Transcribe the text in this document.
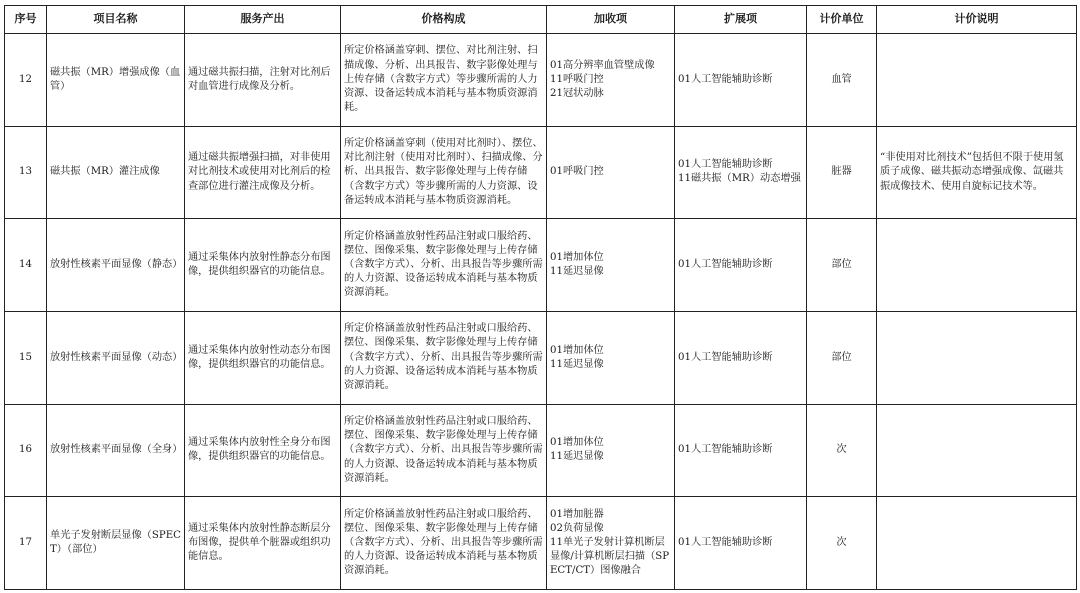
序号	项目名称	服务产出	价格构成	加收项	扩展项	计价单位	计价说明
12	磁共振（MR）增强成像（血管）	通过磁共振扫描，注射对比剂后对血管进行成像及分析。	所定价格涵盖穿刺、摆位、对比剂注射、扫描成像、分析、出具报告、数字影像处理与上传存储（含数字方式）等步骤所需的人力资源、设备运转成本消耗与基本物质资源消耗。	01高分辨率血管壁成像
11呼吸门控
21冠状动脉	01人工智能辅助诊断	血管	
13	磁共振（MR）灌注成像	通过磁共振增强扫描，对非使用对比剂技术或使用对比剂后的检查部位进行灌注成像及分析。	所定价格涵盖穿刺（使用对比剂时）、摆位、对比剂注射（使用对比剂时）、扫描成像、分析、出具报告、数字影像处理与上传存储（含数字方式）等步骤所需的人力资源、设备运转成本消耗与基本物质资源消耗。	01呼吸门控	01人工智能辅助诊断
11磁共振（MR）动态增强	脏器	“非使用对比剂技术”包括但不限于使用氢质子成像、磁共振动态增强成像、氙磁共振成像技术、使用自旋标记技术等。
14	放射性核素平面显像（静态）	通过采集体内放射性静态分布图像，提供组织器官的功能信息。	所定价格涵盖放射性药品注射或口服给药、摆位、图像采集、数字影像处理与上传存储（含数字方式）、分析、出具报告等步骤所需的人力资源、设备运转成本消耗与基本物质资源消耗。	01增加体位
11延迟显像	01人工智能辅助诊断	部位	
15	放射性核素平面显像（动态）	通过采集体内放射性动态分布图像，提供组织器官的功能信息。	所定价格涵盖放射性药品注射或口服给药、摆位、图像采集、数字影像处理与上传存储（含数字方式）、分析、出具报告等步骤所需的人力资源、设备运转成本消耗与基本物质资源消耗。	01增加体位
11延迟显像	01人工智能辅助诊断	部位	
16	放射性核素平面显像（全身）	通过采集体内放射性全身分布图像，提供组织器官的功能信息。	所定价格涵盖放射性药品注射或口服给药、摆位、图像采集、数字影像处理与上传存储（含数字方式）、分析、出具报告等步骤所需的人力资源、设备运转成本消耗与基本物质资源消耗。	01增加体位
11延迟显像	01人工智能辅助诊断	次	
17	单光子发射断层显像（SPECT）（部位）	通过采集体内放射性静态断层分布图像，提供单个脏器或组织功能信息。	所定价格涵盖放射性药品注射或口服给药、摆位、图像采集、数字影像处理与上传存储（含数字方式）、分析、出具报告等步骤所需的人力资源、设备运转成本消耗与基本物质资源消耗。	01增加脏器
02负荷显像
11单光子发射计算机断层显像/计算机断层扫描（SPECT/CT）图像融合	01人工智能辅助诊断	次	
